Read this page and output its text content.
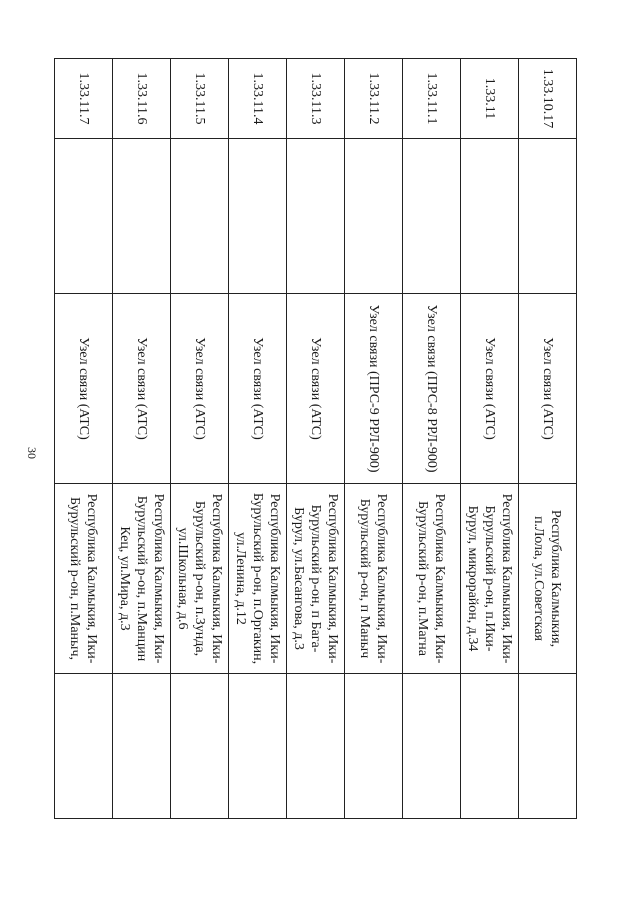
30
1.33.10.17		Узел связи (АТС)	Республика Калмыкия, п.Лола, ул.Советская	
1.33.11		Узел связи (АТС)	Республика Калмыкия, Ики-Бурульский р-он, п.Ики-Бурул, микрорайон, д.34	
1.33.11.1		Узел связи (ПРС-8 РРЛ-900)	Республика Калмыкия, Ики-Бурульский р-он, п.Магна	
1.33.11.2		Узел связи (ПРС-9 РРЛ-900)	Республика Калмыкия, Ики-Бурульский р-он, п Маныч	
1.33.11.3		Узел связи (АТС)	Республика Калмыкия, Ики-Бурульский р-он, п Бага-Бурул, ул.Басангова, д.3	
1.33.11.4		Узел связи (АТС)	Республика Калмыкия, Ики-Бурульский р-он, п.Оргакин, ул.Ленина, д.12	
1.33.11.5		Узел связи (АТС)	Республика Калмыкия, Ики-Бурульский р-он, п.Зунда, ул.Школьная, д.6	
1.33.11.6		Узел связи (АТС)	Республика Калмыкия, Ики-Бурульский р-он, п.Манцин Кец, ул.Мира, д.3	
1.33.11.7		Узел связи (АТС)	Республика Калмыкия, Ики-Бурульский р-он, п.Маныч,	
